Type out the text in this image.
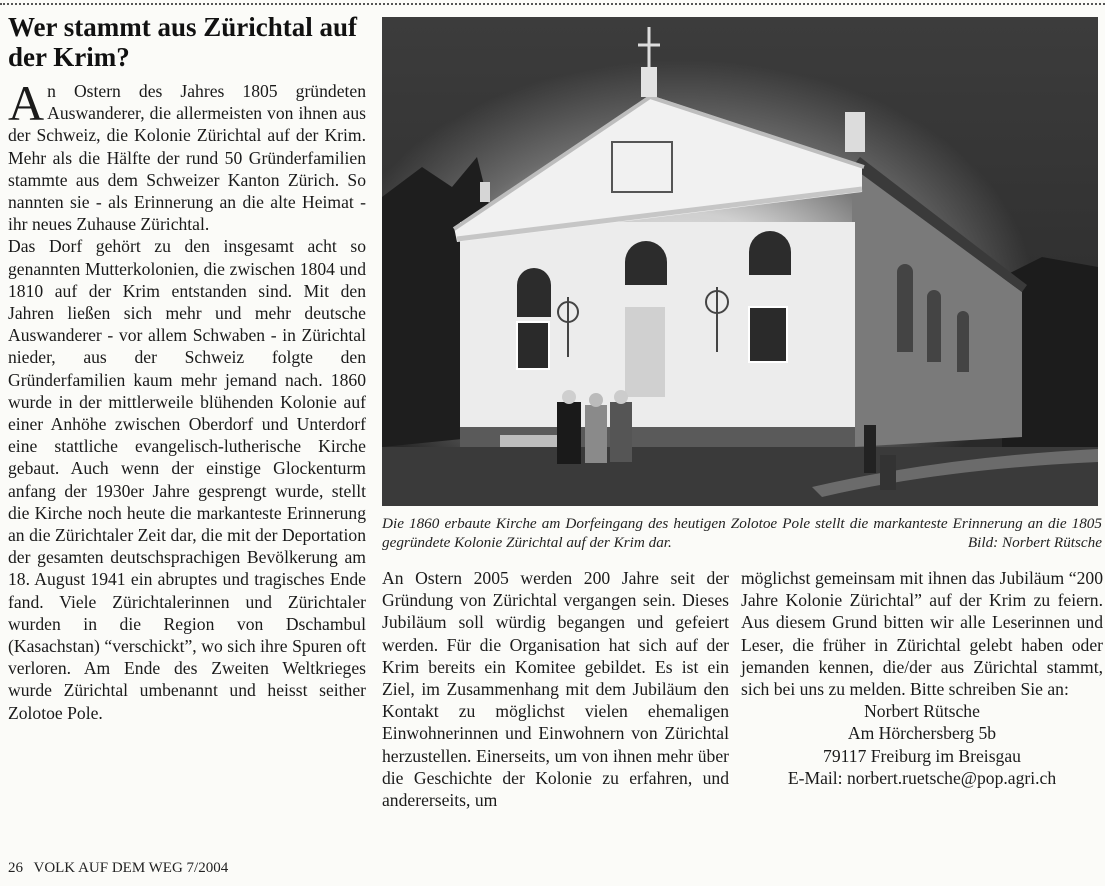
Wer stammt aus Zürichtal auf der Krim?

An Ostern des Jahres 1805 gründeten Auswanderer, die allermeisten von ihnen aus der Schweiz, die Kolonie Zürichtal auf der Krim. Mehr als die Hälfte der rund 50 Gründerfamilien stammte aus dem Schweizer Kanton Zürich. So nannten sie - als Erinnerung an die alte Heimat - ihr neues Zuhause Zürichtal.

Das Dorf gehört zu den insgesamt acht so genannten Mutterkolonien, die zwischen 1804 und 1810 auf der Krim entstanden sind. Mit den Jahren ließen sich mehr und mehr deutsche Auswanderer - vor allem Schwaben - in Zürichtal nieder, aus der Schweiz folgte den Gründerfamilien kaum mehr jemand nach. 1860 wurde in der mittlerweile blühenden Kolonie auf einer Anhöhe zwischen Oberdorf und Unterdorf eine stattliche evangelisch-lutherische Kirche gebaut. Auch wenn der einstige Glockenturm anfang der 1930er Jahre gesprengt wurde, stellt die Kirche noch heute die markanteste Erinnerung an die Zürichtaler Zeit dar, die mit der Deportation der gesamten deutschsprachigen Bevölkerung am 18. August 1941 ein abruptes und tragisches Ende fand. Viele Zürichtalerinnen und Zürichtaler wurden in die Region von Dschambul (Kasachstan) “verschickt”, wo sich ihre Spuren oft verloren. Am Ende des Zweiten Weltkrieges wurde Zürichtal umbenannt und heisst seither Zolotoe Pole.

Die 1860 erbaute Kirche am Dorfeingang des heutigen Zolotoe Pole stellt die markanteste Erinnerung an die 1805 gegründete Kolonie Zürichtal auf der Krim dar.	Bild: Norbert Rütsche

An Ostern 2005 werden 200 Jahre seit der Gründung von Zürichtal vergangen sein. Dieses Jubiläum soll würdig begangen und gefeiert werden. Für die Organisation hat sich auf der Krim bereits ein Komitee gebildet. Es ist ein Ziel, im Zusammenhang mit dem Jubiläum den Kontakt zu möglichst vielen ehemaligen Einwohnerinnen und Einwohnern von Zürichtal herzustellen. Einerseits, um von ihnen mehr über die Geschichte der Kolonie zu erfahren, und andererseits, um

möglichst gemeinsam mit ihnen das Jubiläum “200 Jahre Kolonie Zürichtal” auf der Krim zu feiern. Aus diesem Grund bitten wir alle Leserinnen und Leser, die früher in Zürichtal gelebt haben oder jemanden kennen, die/der aus Zürichtal stammt, sich bei uns zu melden. Bitte schreiben Sie an:

Norbert Rütsche
Am Hörchersberg 5b
79117 Freiburg im Breisgau
E-Mail: norbert.ruetsche@pop.agri.ch
26 VOLK AUF DEM WEG 7/2004
